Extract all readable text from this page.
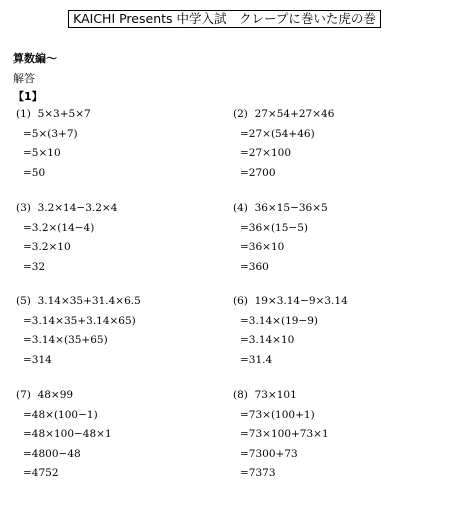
KAICHI Presents 中学入試　クレープに巻いた虎の巻
算数編〜
解答
【1】
(1) 5×3+5×7
=5×(3+7)
=5×10
=50
(2) 27×54+27×46
=27×(54+46)
=27×100
=2700
(3) 3.2×14−3.2×4
=3.2×(14−4)
=3.2×10
=32
(4) 36×15−36×5
=36×(15−5)
=36×10
=360
(5) 3.14×35+31.4×6.5
=3.14×35+3.14×65)
=3.14×(35+65)
=314
(6) 19×3.14−9×3.14
=3.14×(19−9)
=3.14×10
=31.4
(7) 48×99
=48×(100−1)
=48×100−48×1
=4800−48
=4752
(8) 73×101
=73×(100+1)
=73×100+73×1
=7300+73
=7373
